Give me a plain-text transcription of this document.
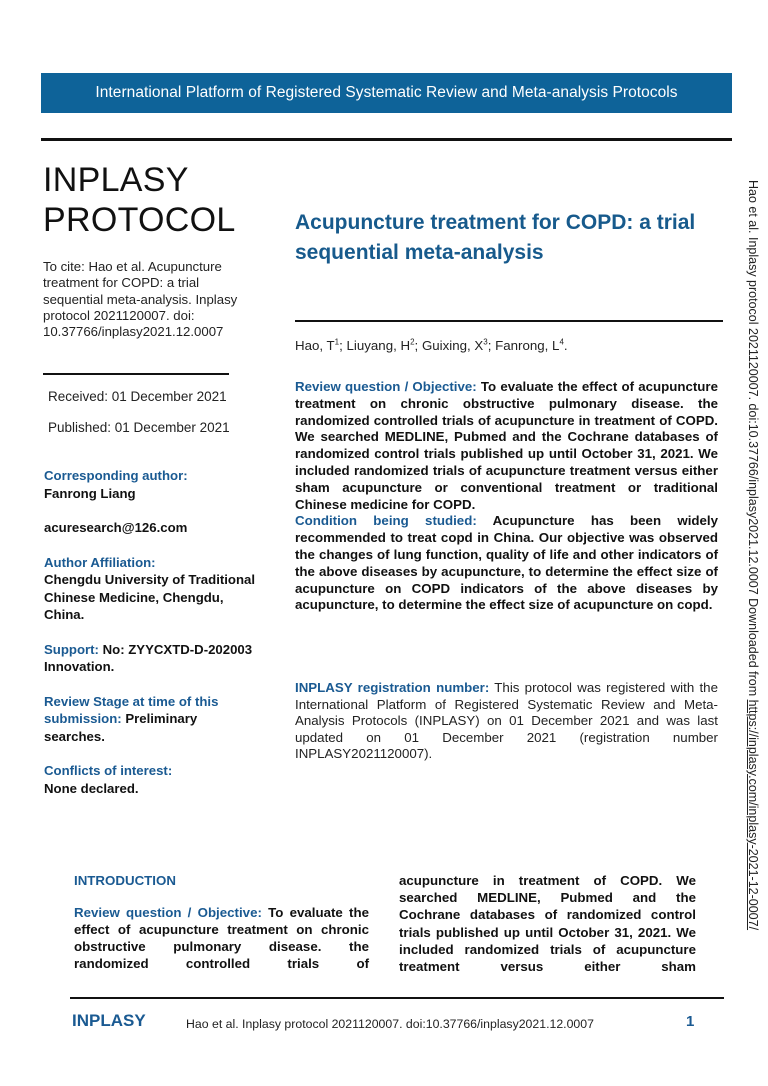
International Platform of Registered Systematic Review and Meta-analysis Protocols
INPLASY
PROTOCOL
To cite: Hao et al. Acupuncture treatment for COPD: a trial sequential meta-analysis. Inplasy protocol 2021120007. doi: 10.37766/inplasy2021.12.0007
Received: 01 December 2021
Published: 01 December 2021
Corresponding author:
Fanrong Liang
acuresearch@126.com
Author Affiliation:
Chengdu University of Traditional Chinese Medicine, Chengdu, China.
Support: No: ZYYCXTD-D-202003 Innovation.
Review Stage at time of this submission: Preliminary searches.
Conflicts of interest:
None declared.
Acupuncture treatment for COPD: a trial sequential meta-analysis
Hao, $T^1$; Liuyang, $H^2$; Guixing, $X^3$; Fanrong, $L^4$.

Review question / Objective: To evaluate the effect of acupuncture treatment on chronic obstructive pulmonary disease. the randomized controlled trials of acupuncture in treatment of COPD. We searched MEDLINE, Pubmed and the Cochrane databases of randomized control trials published up until October 31, 2021. We included randomized trials of acupuncture treatment versus either sham acupuncture or conventional treatment or traditional Chinese medicine for COPD.

Condition being studied: Acupuncture has been widely recommended to treat copd in China. Our objective was observed the changes of lung function, quality of life and other indicators of the above diseases by acupuncture, to determine the effect size of acupuncture on COPD indicators of the above diseases by acupuncture, to determine the effect size of acupuncture on copd.

INPLASY registration number: This protocol was registered with the International Platform of Registered Systematic Review and Meta-Analysis Protocols (INPLASY) on 01 December 2021 and was last updated on 01 December 2021 (registration number INPLASY2021120007).
INTRODUCTION
Review question / Objective: To evaluate the effect of acupuncture treatment on chronic obstructive pulmonary disease. the randomized controlled trials of
acupuncture in treatment of COPD. We searched MEDLINE, Pubmed and the Cochrane databases of randomized control trials published up until October 31, 2021. We included randomized trials of acupuncture treatment versus either sham
INPLASY	Hao et al. Inplasy protocol 2021120007. doi:10.37766/inplasy2021.12.0007	1
Hao et al. Inplasy protocol 2021120007. doi:10.37766/inplasy2021.12.0007 Downloaded from https://inplasy.com/inplasy-2021-12-0007/
